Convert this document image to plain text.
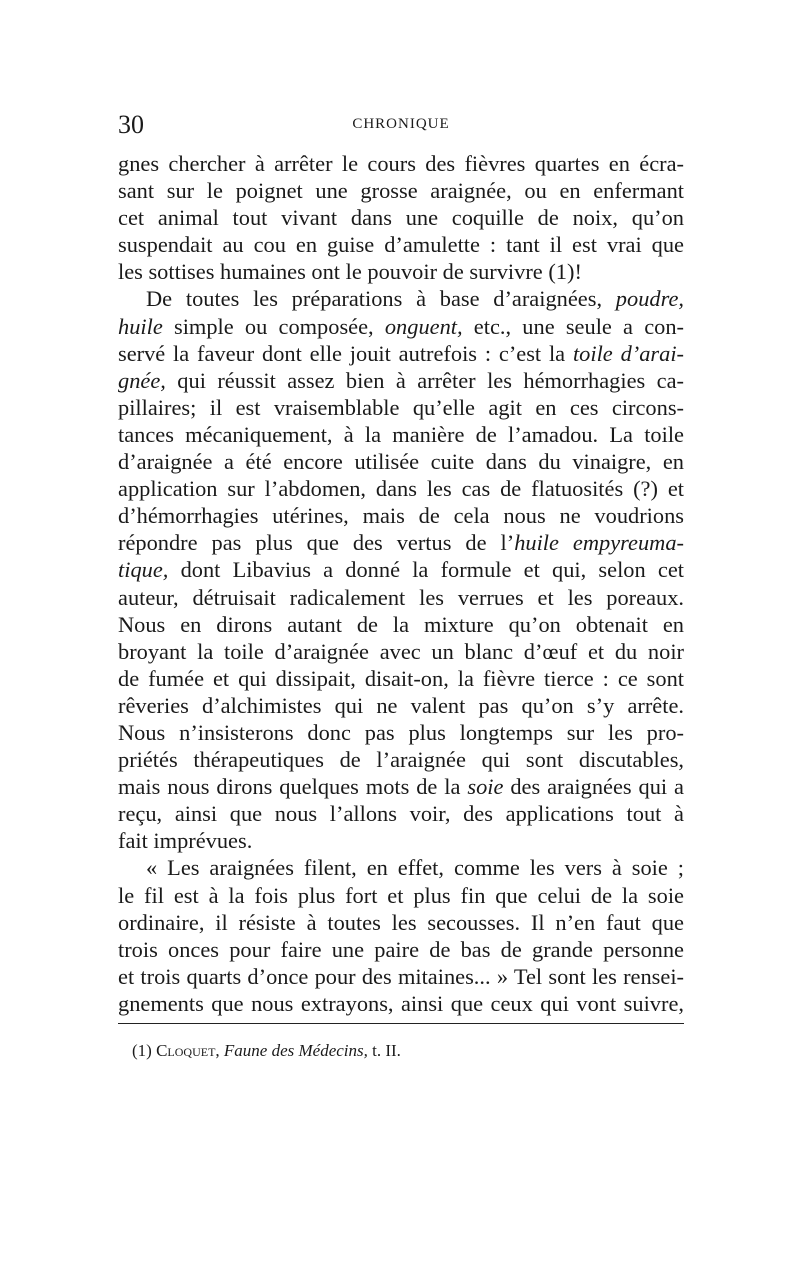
30	CHRONIQUE
gnes chercher à arrêter le cours des fièvres quartes en écra-
sant sur le poignet une grosse araignée, ou en enfermant
cet animal tout vivant dans une coquille de noix, qu’on
suspendait au cou en guise d’amulette : tant il est vrai que
les sottises humaines ont le pouvoir de survivre (1)!
De toutes les préparations à base d’araignées, poudre,
huile simple ou composée, onguent, etc., une seule a con-
servé la faveur dont elle jouit autrefois : c’est la toile d’arai-
gnée, qui réussit assez bien à arrêter les hémorrhagies ca-
pillaires; il est vraisemblable qu’elle agit en ces circons-
tances mécaniquement, à la manière de l’amadou. La toile
d’araignée a été encore utilisée cuite dans du vinaigre, en
application sur l’abdomen, dans les cas de flatuosités (?) et
d’hémorrhagies utérines, mais de cela nous ne voudrions
répondre pas plus que des vertus de l’huile empyreuma-
tique, dont Libavius a donné la formule et qui, selon cet
auteur, détruisait radicalement les verrues et les poreaux.
Nous en dirons autant de la mixture qu’on obtenait en
broyant la toile d’araignée avec un blanc d’œuf et du noir
de fumée et qui dissipait, disait-on, la fièvre tierce : ce sont
rêveries d’alchimistes qui ne valent pas qu’on s’y arrête.
Nous n’insisterons donc pas plus longtemps sur les pro-
priétés thérapeutiques de l’araignée qui sont discutables,
mais nous dirons quelques mots de la soie des araignées qui a
reçu, ainsi que nous l’allons voir, des applications tout à
fait imprévues.
« Les araignées filent, en effet, comme les vers à soie ;
le fil est à la fois plus fort et plus fin que celui de la soie
ordinaire, il résiste à toutes les secousses. Il n’en faut que
trois onces pour faire une paire de bas de grande personne
et trois quarts d’once pour des mitaines... » Tel sont les rensei-
gnements que nous extrayons, ainsi que ceux qui vont suivre,
(1) Cloquet, Faune des Médecins, t. II.
